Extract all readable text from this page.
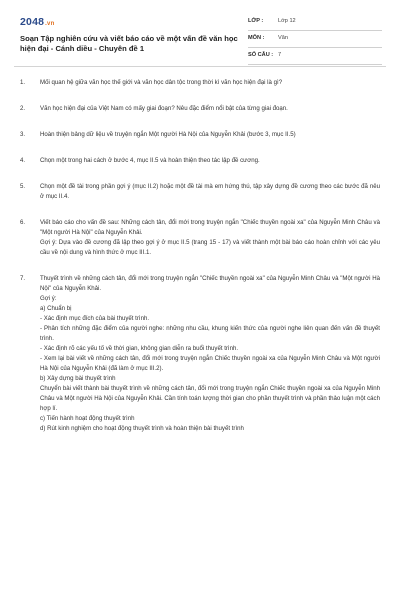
2048.vn
Soạn Tập nghiên cứu và viết báo cáo về một vấn đề văn học hiện đại - Cánh diều - Chuyên đề 1
LỚP :	Lớp 12
MÔN : Văn
SỐ CÂU : 7
1.	Mối quan hệ giữa văn học thế giới và văn học dân tộc trong thời kì văn học hiện đại là gì?
2.	Văn học hiện đại của Việt Nam có mấy giai đoạn? Nêu đặc điểm nổi bật của từng giai đoạn.
3.	Hoàn thiện bảng dữ liệu về truyện ngắn Một người Hà Nội của Nguyễn Khải (bước 3, mục II.5)
4.	Chọn một trong hai cách ở bước 4, mục II.5 và hoàn thiện theo tác lập đề cương.
5.	Chọn một đề tài trong phần gợi ý (mục II.2) hoặc một đề tài mà em hứng thú, tập xây dựng đề cương theo các bước đã nêu ở mục II.4.
6.	Viết báo cáo cho vấn đề sau: Những cách tân, đổi mới trong truyện ngắn "Chiếc thuyền ngoài xa" của Nguyễn Minh Châu và "Một người Hà Nội" của Nguyễn Khải.
Gợi ý: Dựa vào đề cương đã lập theo gợi ý ở mục II.5 (trang 15 - 17) và viết thành một bài báo cáo hoàn chỉnh với các yêu cầu về nội dung và hình thức ở mục III.1.
7.	Thuyết trình về những cách tân, đổi mới trong truyện ngắn "Chiếc thuyền ngoài xa" của Nguyễn Minh Châu và "Một người Hà Nội" của Nguyễn Khải.
Gợi ý:
a) Chuẩn bị
- Xác định mục đích của bài thuyết trình.
- Phân tích những đặc điểm của người nghe: những nhu cầu, khung kiến thức của người nghe liên quan đến vấn đề thuyết trình.
- Xác định rõ các yếu tố về thời gian, không gian diễn ra buổi thuyết trình.
- Xem lại bài viết về những cách tân, đổi mới trong truyện ngắn Chiếc thuyền ngoài xa của Nguyễn Minh Châu và Một người Hà Nội của Nguyễn Khải (đã làm ở mục III.2).
b) Xây dựng bài thuyết trình
Chuyển bài viết thành bài thuyết trình về những cách tân, đổi mới trong truyện ngắn Chiếc thuyền ngoài xa của Nguyễn Minh Châu và Một người Hà Nội của Nguyễn Khải. Cần tính toán lượng thời gian cho phần thuyết trình và phần thảo luận một cách hợp lí.
c) Tiến hành hoạt động thuyết trình
d) Rút kinh nghiệm cho hoạt động thuyết trình và hoàn thiện bài thuyết trình
